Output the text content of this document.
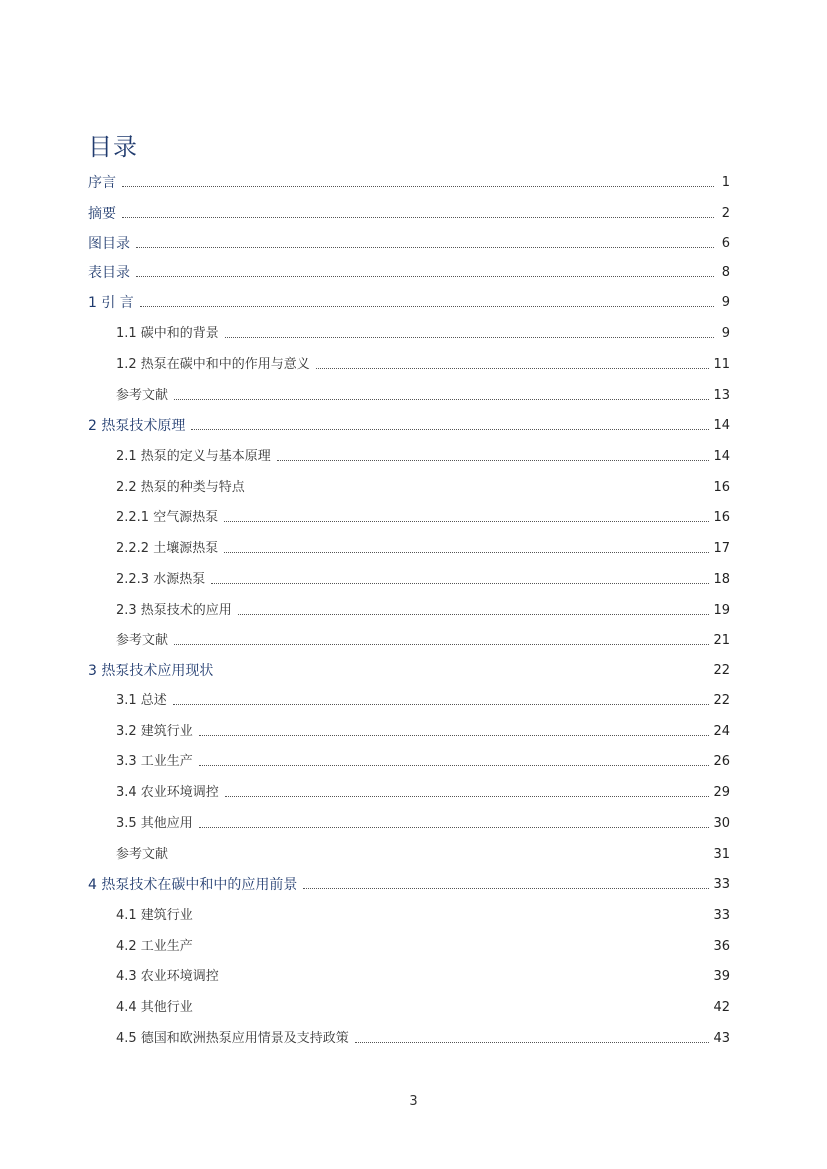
目录
序言	1
摘要	2
图目录	6
表目录	8
1 引 言	9
1.1 碳中和的背景	9
1.2 热泵在碳中和中的作用与意义	11
参考文献	13
2 热泵技术原理	14
2.1 热泵的定义与基本原理	14
2.2 热泵的种类与特点	16
2.2.1 空气源热泵	16
2.2.2 土壤源热泵	17
2.2.3 水源热泵	18
2.3 热泵技术的应用	19
参考文献	21
3 热泵技术应用现状	22
3.1 总述	22
3.2 建筑行业	24
3.3 工业生产	26
3.4 农业环境调控	29
3.5 其他应用	30
参考文献	31
4 热泵技术在碳中和中的应用前景	33
4.1 建筑行业	33
4.2 工业生产	36
4.3 农业环境调控	39
4.4 其他行业	42
4.5 德国和欧洲热泵应用情景及支持政策	43
3
